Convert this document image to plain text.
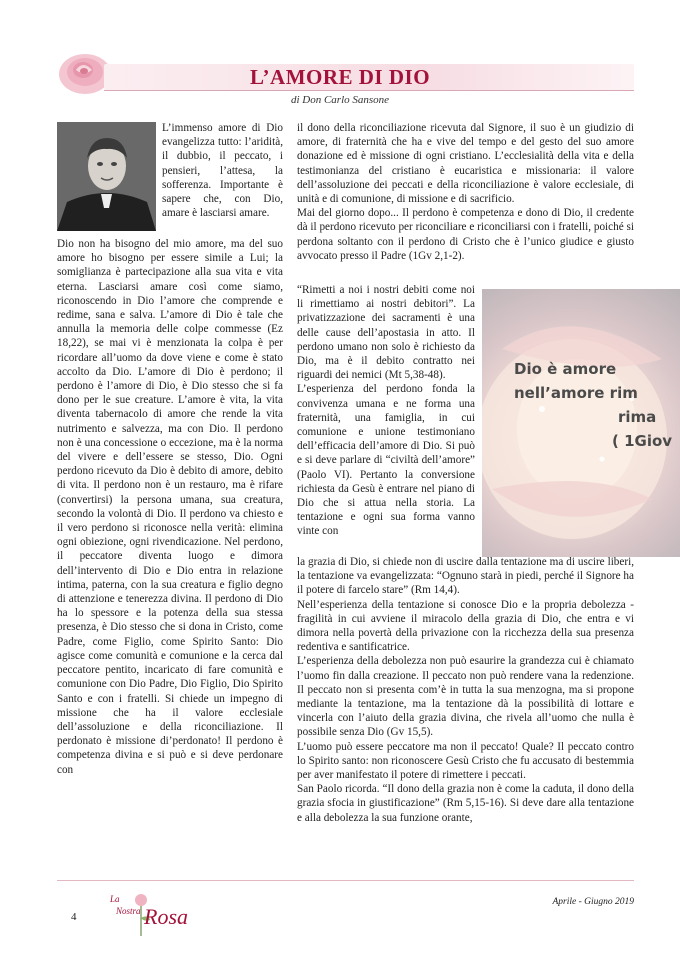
L’AMORE DI DIO
di Don Carlo Sansone

L’immenso amore di Dio evangelizza tutto: l’aridità, il dubbio, il peccato, i pensieri, l’attesa, la sofferenza. Importante è sapere che, con Dio, amare è lasciarsi amare.

Dio non ha bisogno del mio amore, ma del suo amore ho bisogno per essere simile a Lui; la somiglianza è partecipazione alla sua vita e vita eterna. Lasciarsi amare così come siamo, riconoscendo in Dio l’amore che comprende e redime, sana e salva. L’amore di Dio è tale che annulla la memoria delle colpe commesse (Ez 18,22), se mai vi è menzionata la colpa è per ricordare all’uomo da dove viene e come è stato accolto da Dio. L’amore di Dio è perdono; il perdono è l’amore di Dio, è Dio stesso che si fa dono per le sue creature. L’amore è vita, la vita diventa tabernacolo di amore che rende la vita nutrimento e salvezza, ma con Dio. Il perdono non è una concessione o eccezione, ma è la norma del vivere e dell’essere se stesso, Dio. Ogni perdono ricevuto da Dio è debito di amore, debito di vita. Il perdono non è un restauro, ma è rifare (convertirsi) la persona umana, sua creatura, secondo la volontà di Dio. Il perdono va chiesto e il vero perdono si riconosce nella verità: elimina ogni obiezione, ogni rivendicazione. Nel perdono, il peccatore diventa luogo e dimora dell’intervento di Dio e Dio entra in relazione intima, paterna, con la sua creatura e figlio degno di attenzione e tenerezza divina. Il perdono di Dio ha lo spessore e la potenza della sua stessa presenza, è Dio stesso che si dona in Cristo, come Padre, come Figlio, come Spirito Santo: Dio agisce come comunità e comunione e la cerca dal peccatore pentito, incaricato di fare comunità e comunione con Dio Padre, Dio Figlio, Dio Spirito Santo e con i fratelli. Si chiede un impegno di missione che ha il valore ecclesiale dell’assoluzione e della riconciliazione. Il perdonato è missione di’perdonato! Il perdono è competenza divina e si può e si deve perdonare con

il dono della riconciliazione ricevuta dal Signore, il suo è un giudizio di amore, di fraternità che ha e vive del tempo e del gesto del suo amore donazione ed è missione di ogni cristiano. L’ecclesialità della vita e della testimonianza del cristiano è eucaristica e missionaria: il valore dell’assoluzione dei peccati e della riconciliazione è valore ecclesiale, di unità e di comunione, di missione e di sacrificio.

Mai del giorno dopo... Il perdono è competenza e dono di Dio, il credente dà il perdono ricevuto per riconciliare e riconciliarsi con i fratelli, poiché si perdona soltanto con il perdono di Cristo che è l’unico giudice e giusto avvocato presso il Padre (1Gv 2,1-2).

“Rimetti a noi i nostri debiti come noi li rimettiamo ai nostri debitori”. La privatizzazione dei sacramenti è una delle cause dell’apostasia in atto. Il perdono umano non solo è richiesto da Dio, ma è il debito contratto nei riguardi dei nemici (Mt 5,38-48).

L’esperienza del perdono fonda la convivenza umana e ne forma una fraternità, una famiglia, in cui comunione e unione testimoniano dell’efficacia dell’amore di Dio. Si può e si deve parlare di “civiltà dell’amore” (Paolo VI). Pertanto la conversione richiesta da Gesù è entrare nel piano di Dio che si attua nella storia. La tentazione e ogni sua forma vanno vinte con

Dio è amore
nell’amore rim
rima
( 1Giov

la grazia di Dio, si chiede non di uscire dalla tentazione ma di uscire liberi, la tentazione va evangelizzata: “Ognuno starà in piedi, perché il Signore ha il potere di farcelo stare” (Rm 14,4).

Nell’esperienza della tentazione si conosce Dio e la propria debolezza - fragilità in cui avviene il miracolo della grazia di Dio, che entra e vi dimora nella povertà della privazione con la ricchezza della sua presenza redentiva e santificatrice.

L’esperienza della debolezza non può esaurire la grandezza cui è chiamato l’uomo fin dalla creazione. Il peccato non può rendere vana la redenzione. Il peccato non si presenta com’è in tutta la sua menzogna, ma si propone mediante la tentazione, ma la tentazione dà la possibilità di lottare e vincerla con l’aiuto della grazia divina, che rivela all’uomo che nulla è possibile senza Dio (Gv 15,5).

L’uomo può essere peccatore ma non il peccato! Quale? Il peccato contro lo Spirito santo: non riconoscere Gesù Cristo che fu accusato di bestemmia per aver manifestato il potere di rimettere i peccati.

San Paolo ricorda. “Il dono della grazia non è come la caduta, il dono della grazia sfocia in giustificazione” (Rm 5,15-16). Si deve dare alla tentazione e alla debolezza la sua funzione orante,

4
La
Nostra Rosa
Aprile - Giugno 2019
